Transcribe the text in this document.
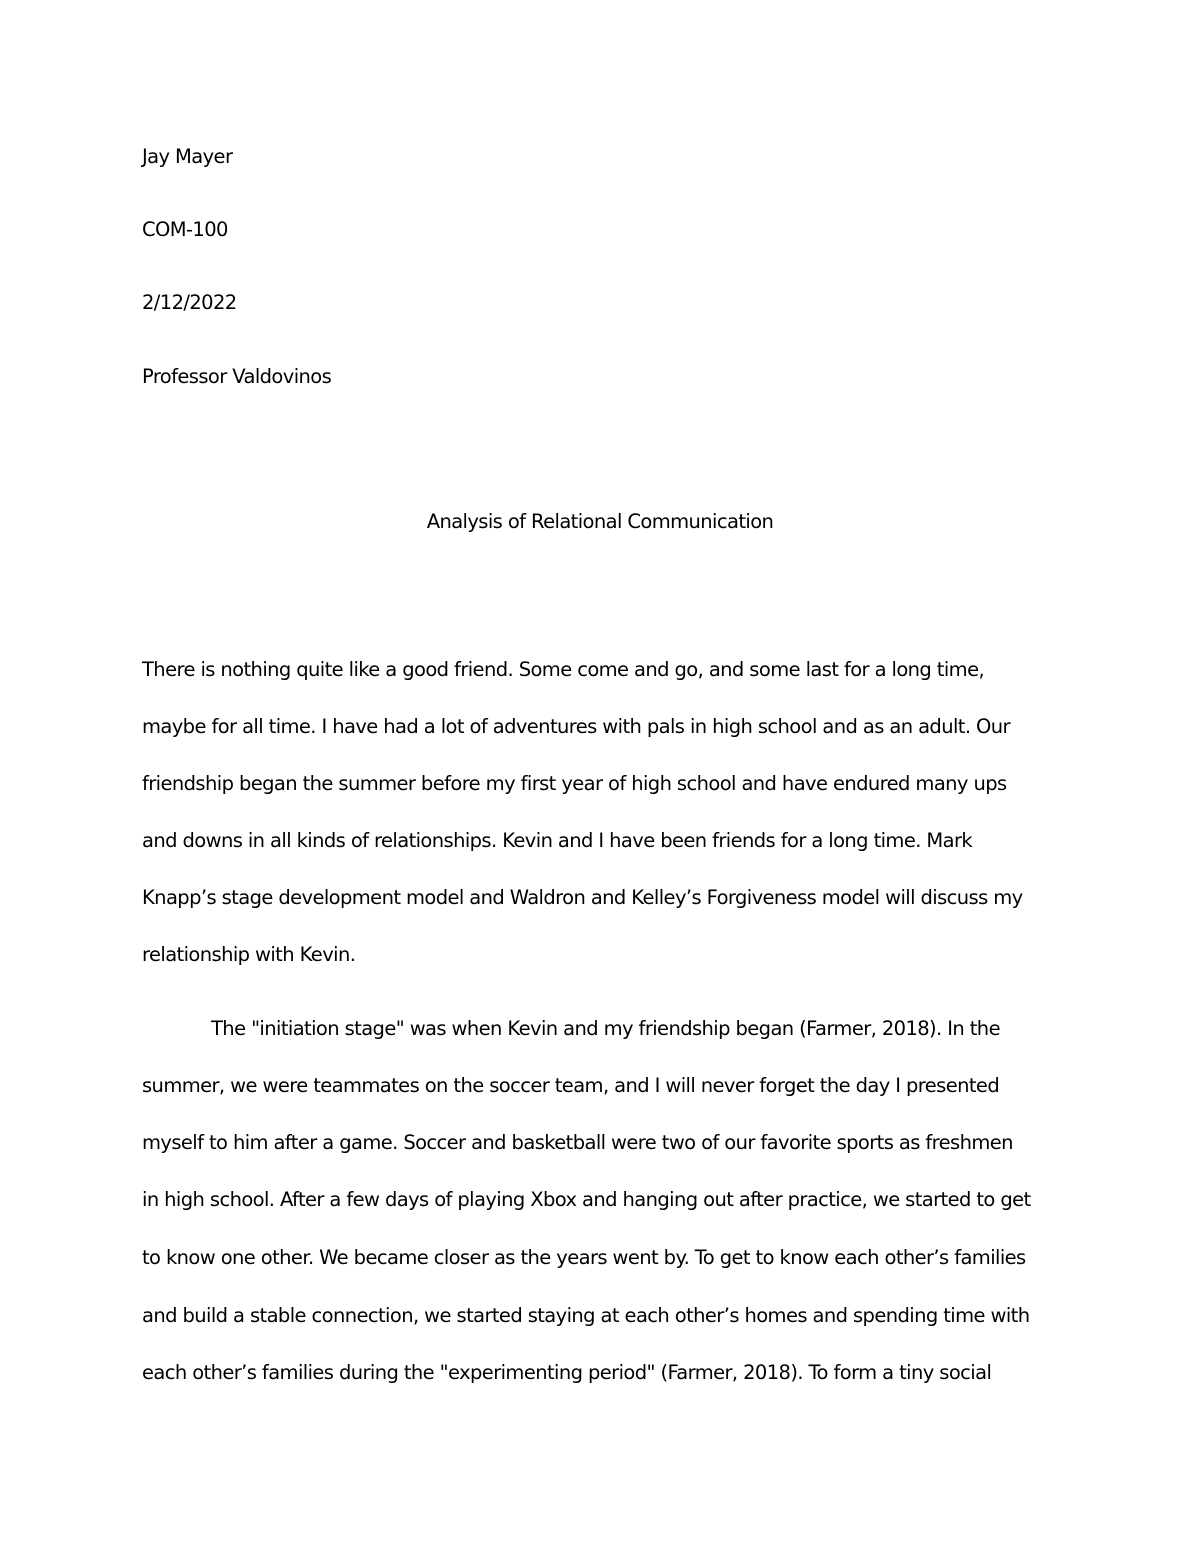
Jay Mayer
COM-100
2/12/2022
Professor Valdovinos
Analysis of Relational Communication
There is nothing quite like a good friend. Some come and go, and some last for a long time,
maybe for all time. I have had a lot of adventures with pals in high school and as an adult. Our
friendship began the summer before my first year of high school and have endured many ups
and downs in all kinds of relationships. Kevin and I have been friends for a long time. Mark
Knapp’s stage development model and Waldron and Kelley’s Forgiveness model will discuss my
relationship with Kevin.
The "initiation stage" was when Kevin and my friendship began (Farmer, 2018). In the
summer, we were teammates on the soccer team, and I will never forget the day I presented
myself to him after a game. Soccer and basketball were two of our favorite sports as freshmen
in high school. After a few days of playing Xbox and hanging out after practice, we started to get
to know one other. We became closer as the years went by. To get to know each other’s families
and build a stable connection, we started staying at each other’s homes and spending time with
each other’s families during the "experimenting period" (Farmer, 2018). To form a tiny social
